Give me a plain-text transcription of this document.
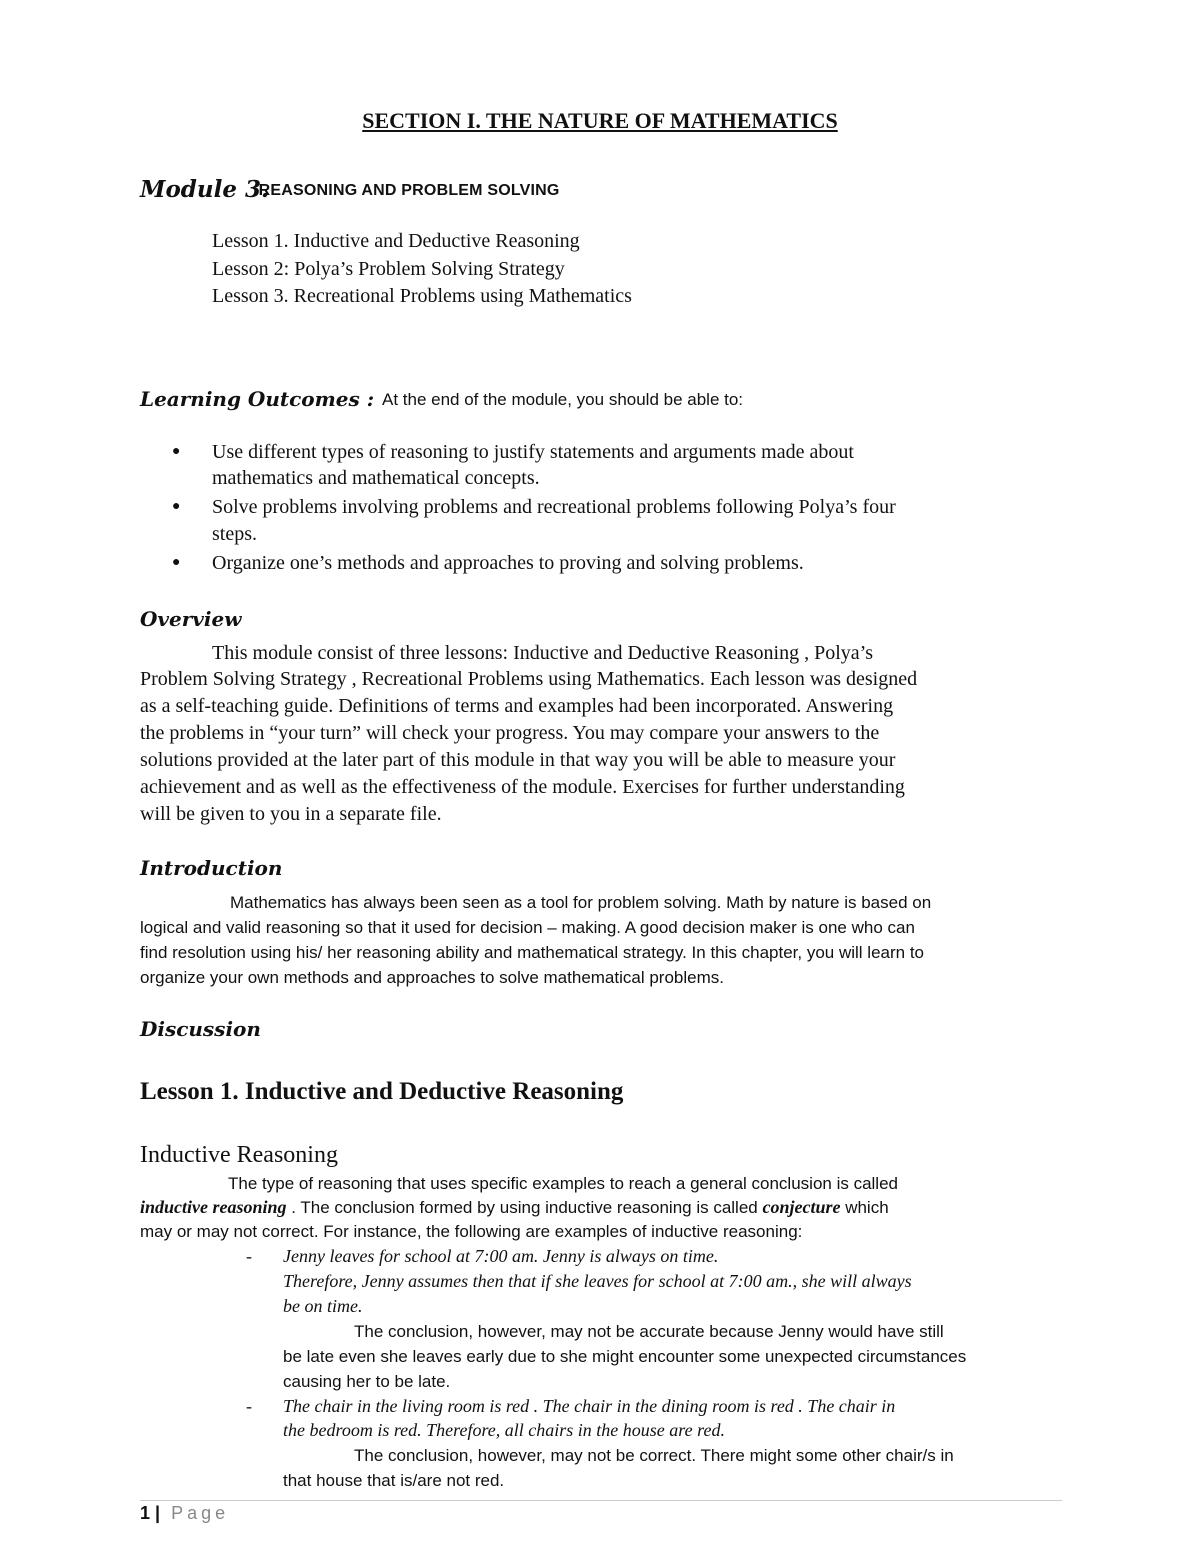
SECTION I. THE NATURE OF MATHEMATICS
Module 3.
.REASONING AND PROBLEM SOLVING
Lesson 1. Inductive and Deductive Reasoning
Lesson 2: Polya’s Problem Solving Strategy
Lesson 3. Recreational Problems using Mathematics
Learning Outcomes : At the end of the module, you should be able to:
● Use different types of reasoning to justify statements and arguments made about
mathematics and mathematical concepts.
● Solve problems involving problems and recreational problems following Polya’s four
steps.
● Organize one’s methods and approaches to proving and solving problems.
Overview
This module consist of three lessons: Inductive and Deductive Reasoning , Polya’s
Problem Solving Strategy , Recreational Problems using Mathematics. Each lesson was designed
as a self-teaching guide. Definitions of terms and examples had been incorporated. Answering
the problems in “your turn” will check your progress. You may compare your answers to the
solutions provided at the later part of this module in that way you will be able to measure your
achievement and as well as the effectiveness of the module. Exercises for further understanding
will be given to you in a separate file.
Introduction
Mathematics has always been seen as a tool for problem solving. Math by nature is based on
logical and valid reasoning so that it used for decision – making. A good decision maker is one who can
find resolution using his/ her reasoning ability and mathematical strategy. In this chapter, you will learn to
organize your own methods and approaches to solve mathematical problems.
Discussion
Lesson 1. Inductive and Deductive Reasoning
Inductive Reasoning
The type of reasoning that uses specific examples to reach a general conclusion is called
inductive reasoning . The conclusion formed by using inductive reasoning is called conjecture which
may or may not correct. For instance, the following are examples of inductive reasoning:
- Jenny leaves for school at 7:00 am. Jenny is always on time.
Therefore, Jenny assumes then that if she leaves for school at 7:00 am., she will always
be on time.
The conclusion, however, may not be accurate because Jenny would have still
be late even she leaves early due to she might encounter some unexpected circumstances
causing her to be late.
- The chair in the living room is red . The chair in the dining room is red . The chair in
the bedroom is red. Therefore, all chairs in the house are red.
The conclusion, however, may not be correct. There might some other chair/s in
that house that is/are not red.
1 | Page
